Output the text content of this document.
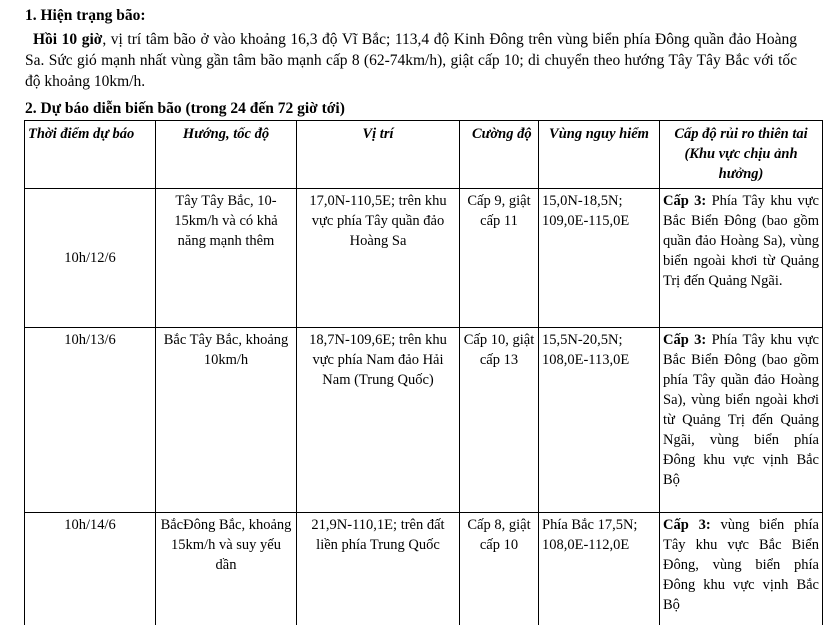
1. Hiện trạng bão:
Hồi 10 giờ, vị trí tâm bão ở vào khoảng 16,3 độ Vĩ Bắc; 113,4 độ Kinh Đông trên vùng biển phía Đông quần đảo Hoàng Sa. Sức gió mạnh nhất vùng gần tâm bão mạnh cấp 8 (62-74km/h), giật cấp 10; di chuyển theo hướng Tây Tây Bắc với tốc độ khoảng 10km/h.
2. Dự báo diễn biến bão (trong 24 đến 72 giờ tới)
Thời điểm dự báo	Hướng, tốc độ	Vị trí	Cường độ	Vùng nguy hiểm	Cấp độ rủi ro thiên tai (Khu vực chịu ảnh hưởng)
10h/12/6	Tây Tây Bắc, 10-15km/h và có khả năng mạnh thêm	17,0N-110,5E; trên khu vực phía Tây quần đảo Hoàng Sa	Cấp 9, giật cấp 11	15,0N-18,5N; 109,0E-115,0E	Cấp 3: Phía Tây khu vực Bắc Biển Đông (bao gồm quần đảo Hoàng Sa), vùng biển ngoài khơi từ Quảng Trị đến Quảng Ngãi.
10h/13/6	Bắc Tây Bắc, khoảng 10km/h	18,7N-109,6E; trên khu vực phía Nam đảo Hải Nam (Trung Quốc)	Cấp 10, giật cấp 13	15,5N-20,5N; 108,0E-113,0E	Cấp 3: Phía Tây khu vực Bắc Biển Đông (bao gồm phía Tây quần đảo Hoàng Sa), vùng biển ngoài khơi từ Quảng Trị đến Quảng Ngãi, vùng biển phía Đông khu vực vịnh Bắc Bộ
10h/14/6	BắcĐông Bắc, khoảng 15km/h và suy yếu dần	21,9N-110,1E; trên đất liền phía Trung Quốc	Cấp 8, giật cấp 10	Phía Bắc 17,5N; 108,0E-112,0E	Cấp 3: vùng biển phía Tây khu vực Bắc Biển Đông, vùng biển phía Đông khu vực vịnh Bắc Bộ
